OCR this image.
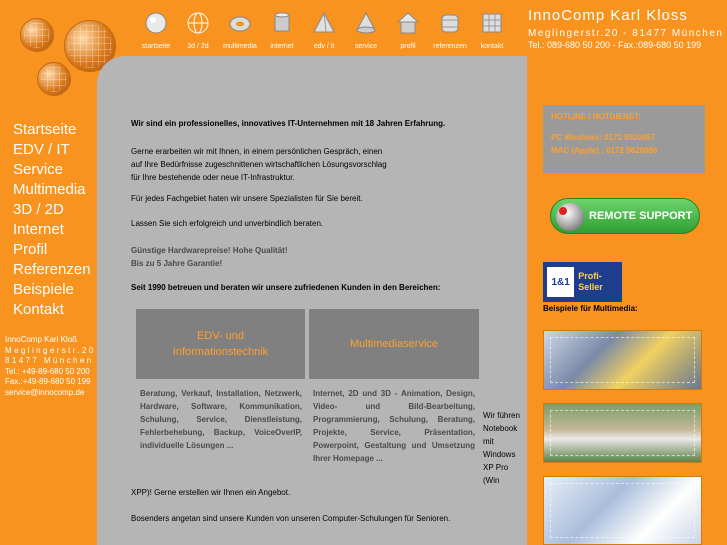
startseite 3d / 2d multimedia internet	edv / it	service	profil	referenzen kontakt
InnoComp Karl Kloss
Meglingerstr.20 - 81477 München
Tel.: 089-680 50 200 - Fax.:089-680 50 199
Startseite
EDV / IT
Service
Multimedia
3D / 2D
Internet
Profil
Referenzen
Beispiele
Kontakt
InnoComp Karl Kloß
Meglingerstr.20
81477 München
Tel.: +49-89-680 50 200
Fax.:+49-89-680 50 199
service@innocomp.de
Wir sind ein professionelles, innovatives IT-Unternehmen mit 18 Jahren Erfahrung.
Gerne erarbeiten wir mit Ihnen, in einem persönlichen Gespräch, einen
auf Ihre Bedürfnisse zugeschnittenen wirtschaftlichen Lösungsvorschlag
für Ihre bestehende oder neue IT-Infrastruktur.
Für jedes Fachgebiet haten wir unsere Spezialisten für Sie bereit.
Lassen Sie sich erfolgreich und unverbindlich beraten.
Günstige Hardwarepreise! Hohe Qualität!
Bis zu 5 Jahre Garantie!
Seit 1990 betreuen und beraten wir unsere zufriedenen Kunden in den Bereichen:
EDV- und
Informationstechnik
Multimediaservice
Beratung, Verkauf, Installation, Netzwerk, Hardware, Software, Kommunikation, Schulung, Service, Dienstleistung, Fehlerbehebung, Backup, VoiceOverIP, individuelle Lösungen ...
Internet, 2D und 3D - Animation, Design, Video- und Bild-Bearbeitung, Programmierung, Schulung, Beratung, Projekte, Service, Präsentation, Powerpoint, Gestaltung und Umsetzung Ihrer Homepage ...
Wir führen Notebook mit Windows XP Pro (Win
XPP)! Gerne erstellen wir Ihnen ein Angebot.
Bosenders angetan sind unsere Kunden von unseren Computer-Schulungen für Senioren.
HOTLINE / NOTDIENST:
PC Windows: 0172 8520457
MAC (Apple) : 0172 8629086
REMOTE SUPPORT
1&1
Profi-Seller
Beispiele für Multimedia:
